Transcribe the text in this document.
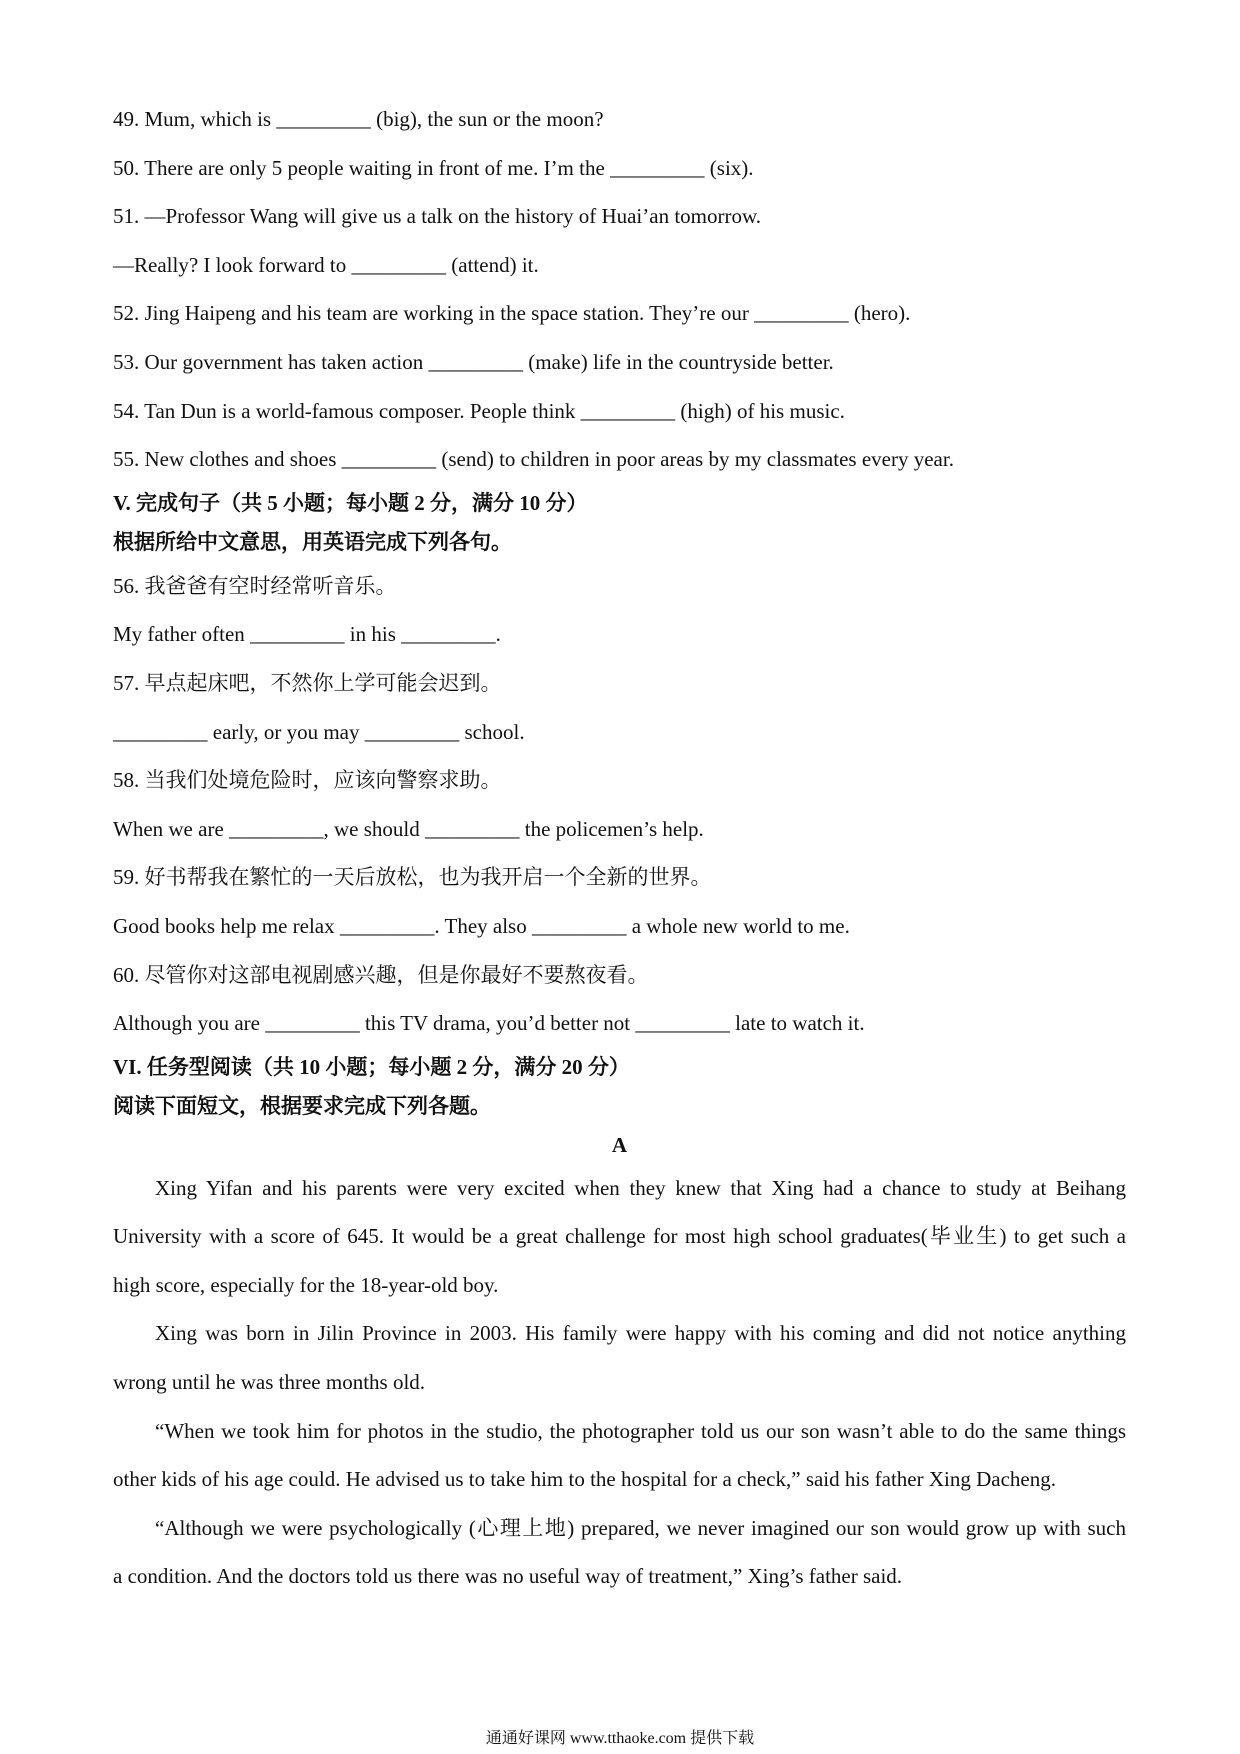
49. Mum, which is _________ (big), the sun or the moon?
50. There are only 5 people waiting in front of me. I’m the _________ (six).
51. —Professor Wang will give us a talk on the history of Huai’an tomorrow.
—Really? I look forward to _________ (attend) it.
52. Jing Haipeng and his team are working in the space station. They’re our _________ (hero).
53. Our government has taken action _________ (make) life in the countryside better.
54. Tan Dun is a world-famous composer. People think _________ (high) of his music.
55. New clothes and shoes _________ (send) to children in poor areas by my classmates every year.
V. 完成句子（共 5 小题；每小题 2 分，满分 10 分）
根据所给中文意思，用英语完成下列各句。
56. 我爸爸有空时经常听音乐。
My father often _________ in his _________.
57. 早点起床吧，不然你上学可能会迟到。
_________ early, or you may _________ school.
58. 当我们处境危险时，应该向警察求助。
When we are _________, we should _________ the policemen’s help.
59. 好书帮我在繁忙的一天后放松，也为我开启一个全新的世界。
Good books help me relax _________. They also _________ a whole new world to me.
60. 尽管你对这部电视剧感兴趣，但是你最好不要熬夜看。
Although you are _________ this TV drama, you’d better not _________ late to watch it.
VI. 任务型阅读（共 10 小题；每小题 2 分，满分 20 分）
阅读下面短文，根据要求完成下列各题。
A
Xing Yifan and his parents were very excited when they knew that Xing had a chance to study at Beihang
University with a score of 645. It would be a great challenge for most high school graduates(毕业生) to get such a
high score, especially for the 18-year-old boy.
Xing was born in Jilin Province in 2003. His family were happy with his coming and did not notice anything
wrong until he was three months old.
“When we took him for photos in the studio, the photographer told us our son wasn’t able to do the same things
other kids of his age could. He advised us to take him to the hospital for a check,” said his father Xing Dacheng.
“Although we were psychologically (心理上地) prepared, we never imagined our son would grow up with such
a condition. And the doctors told us there was no useful way of treatment,” Xing’s father said.
通通好课网 www.tthaoke.com 提供下载
